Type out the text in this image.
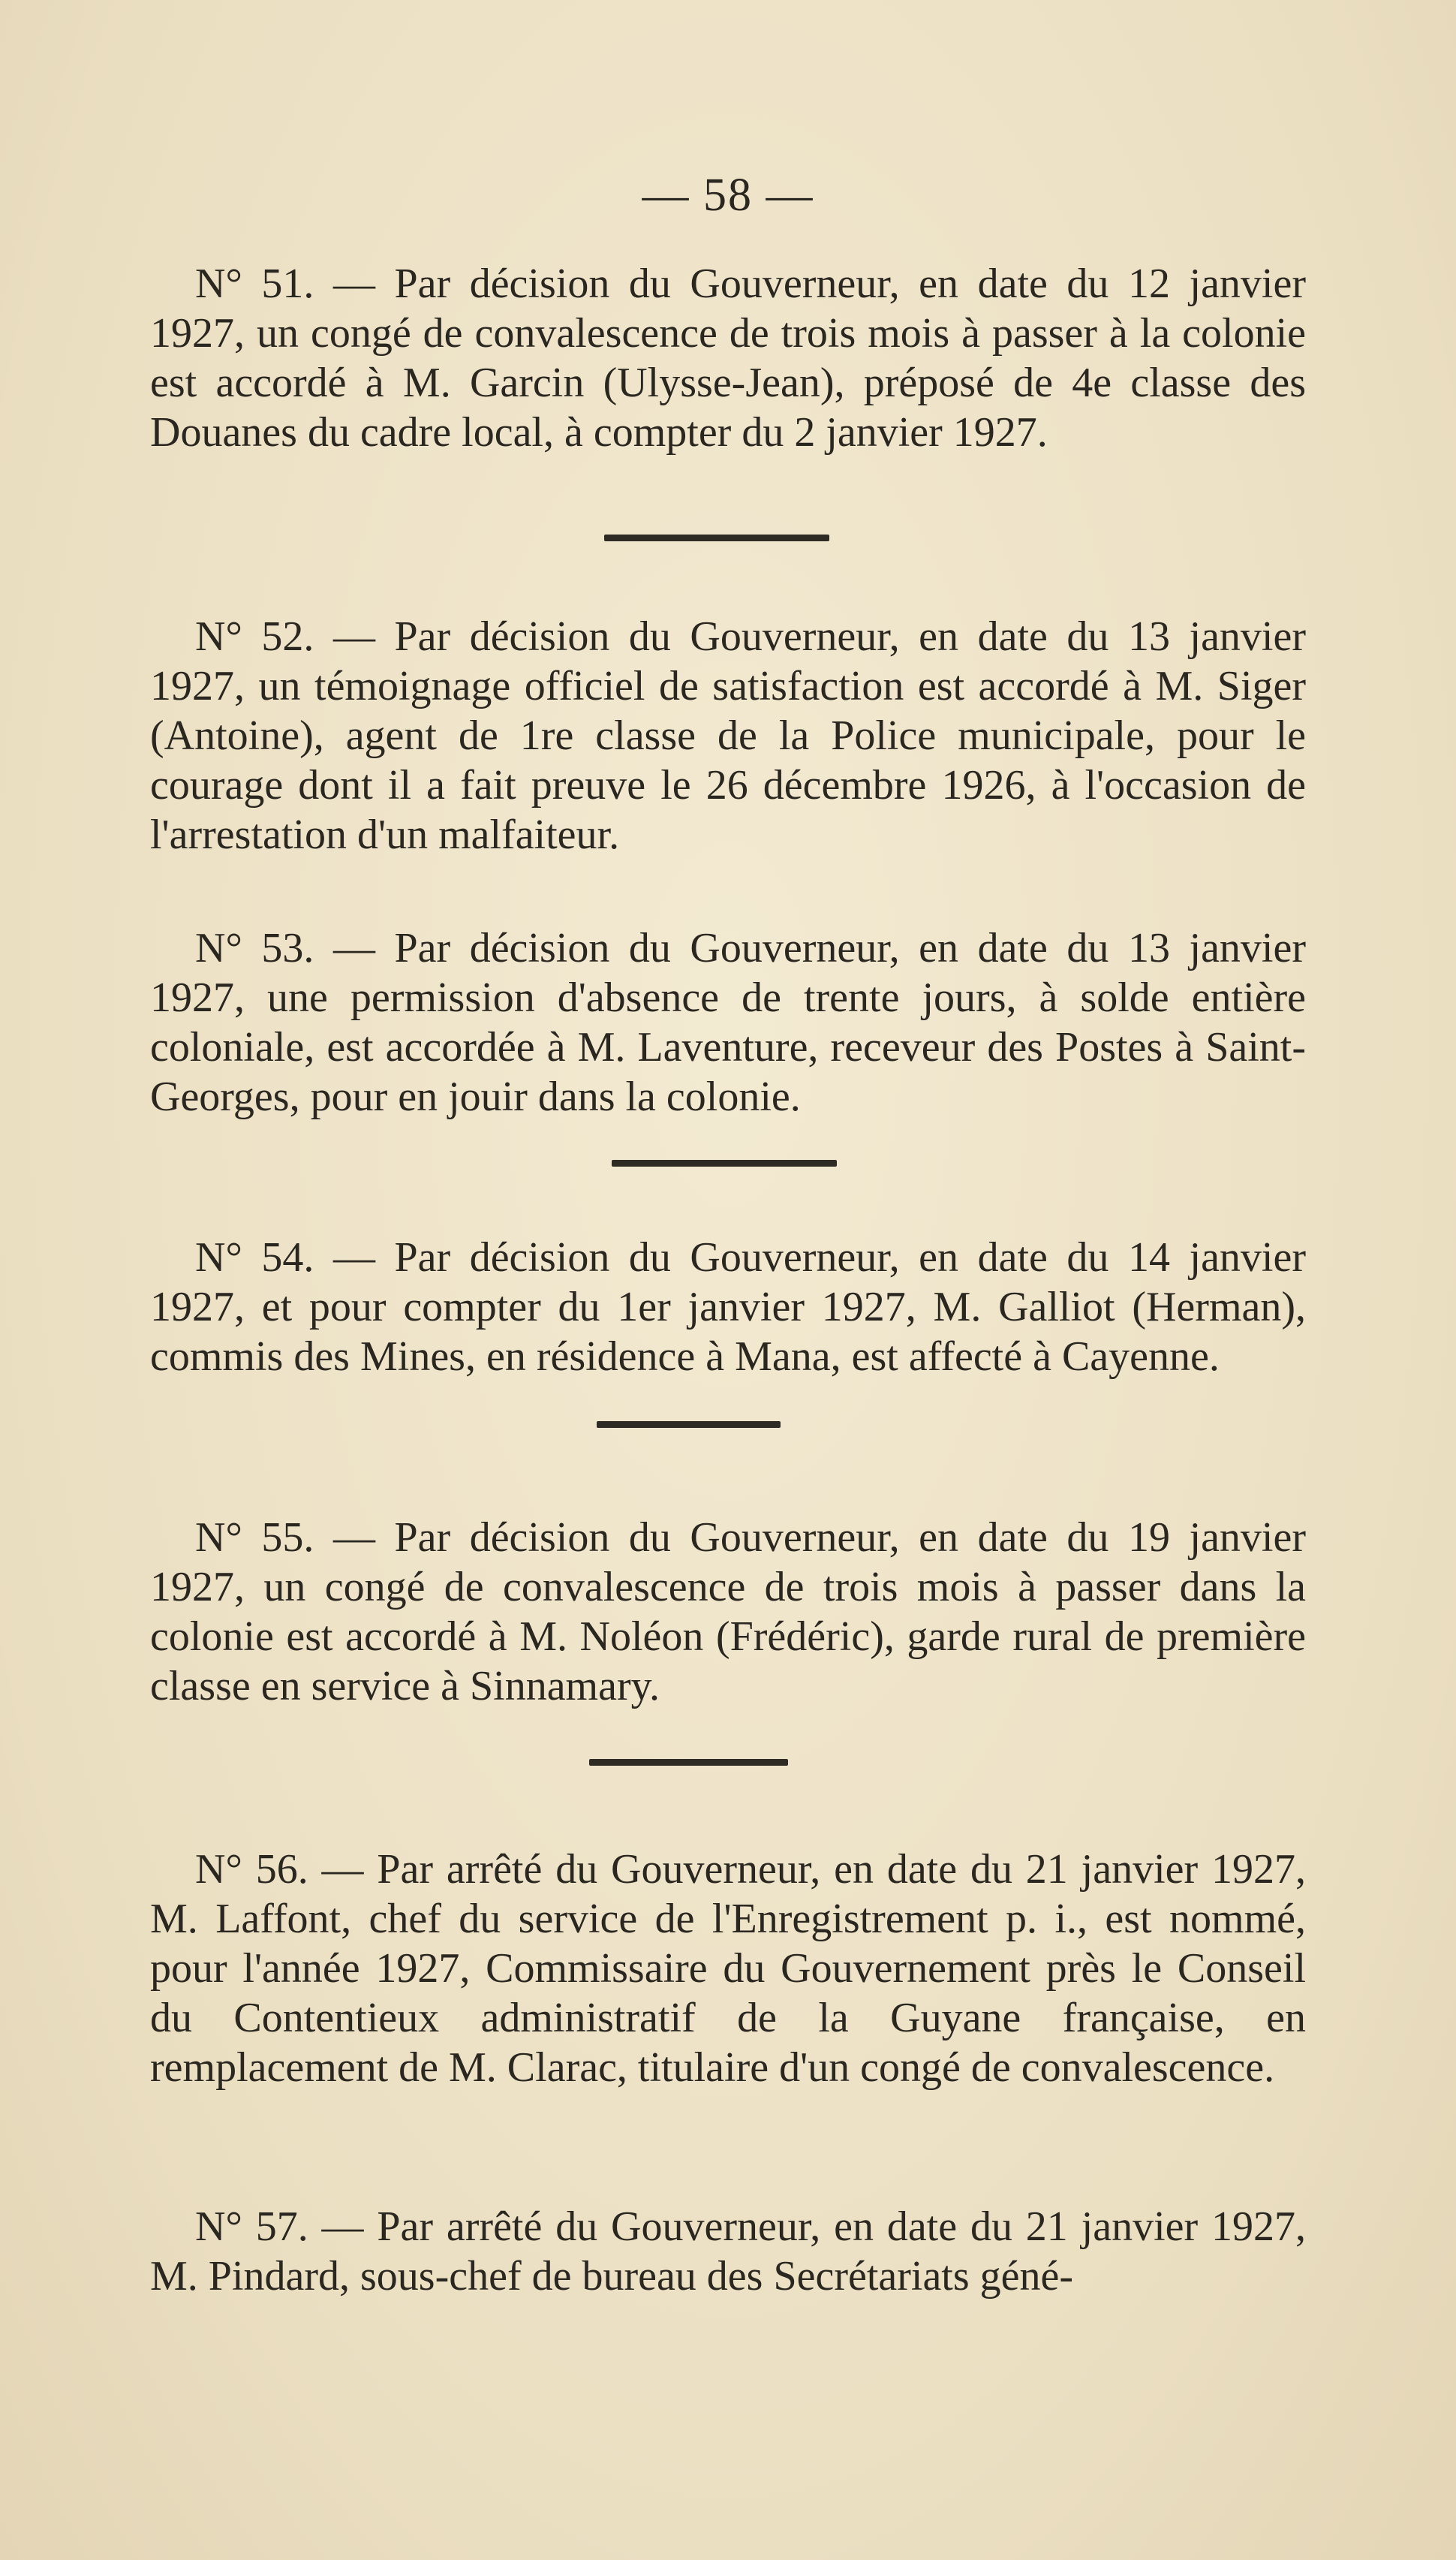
— 58 —
N° 51. — Par décision du Gouverneur, en date du 12 janvier 1927, un congé de convalescence de trois mois à passer à la colonie est accordé à M. Garcin (Ulysse-Jean), préposé de 4e classe des Douanes du cadre local, à compter du 2 janvier 1927.
N° 52. — Par décision du Gouverneur, en date du 13 janvier 1927, un témoignage officiel de satisfaction est accordé à M. Siger (Antoine), agent de 1re classe de la Police municipale, pour le courage dont il a fait preuve le 26 décembre 1926, à l'occasion de l'arrestation d'un malfaiteur.
N° 53. — Par décision du Gouverneur, en date du 13 janvier 1927, une permission d'absence de trente jours, à solde entière coloniale, est accordée à M. Laventure, receveur des Postes à Saint-Georges, pour en jouir dans la colonie.
N° 54. — Par décision du Gouverneur, en date du 14 janvier 1927, et pour compter du 1er janvier 1927, M. Galliot (Herman), commis des Mines, en résidence à Mana, est affecté à Cayenne.
N° 55. — Par décision du Gouverneur, en date du 19 janvier 1927, un congé de convalescence de trois mois à passer dans la colonie est accordé à M. Noléon (Frédéric), garde rural de première classe en service à Sinnamary.
N° 56. — Par arrêté du Gouverneur, en date du 21 janvier 1927, M. Laffont, chef du service de l'Enregistrement p. i., est nommé, pour l'année 1927, Commissaire du Gouvernement près le Conseil du Contentieux administratif de la Guyane française, en remplacement de M. Clarac, titulaire d'un congé de convalescence.
N° 57. — Par arrêté du Gouverneur, en date du 21 janvier 1927, M. Pindard, sous-chef de bureau des Secrétariats géné-
